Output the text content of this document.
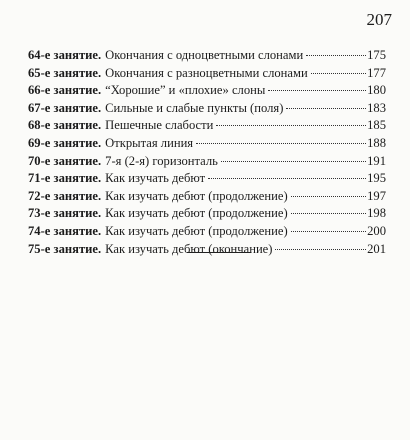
207
64-е занятие. Окончания с одноцветными слонами	175
65-е занятие. Окончания с разноцветными слонами	177
66-е занятие. “Хорошие” и «плохие» слоны	180
67-е занятие. Сильные и слабые пункты (поля)	183
68-е занятие. Пешечные слабости	185
69-е занятие. Открытая линия	188
70-е занятие. 7-я (2-я) горизонталь	191
71-е занятие. Как изучать дебют	195
72-е занятие. Как изучать дебют (продолжение)	197
73-е занятие. Как изучать дебют (продолжение)	198
74-е занятие. Как изучать дебют (продолжение)	200
75-е занятие. Как изучать дебют (окончание)	201
